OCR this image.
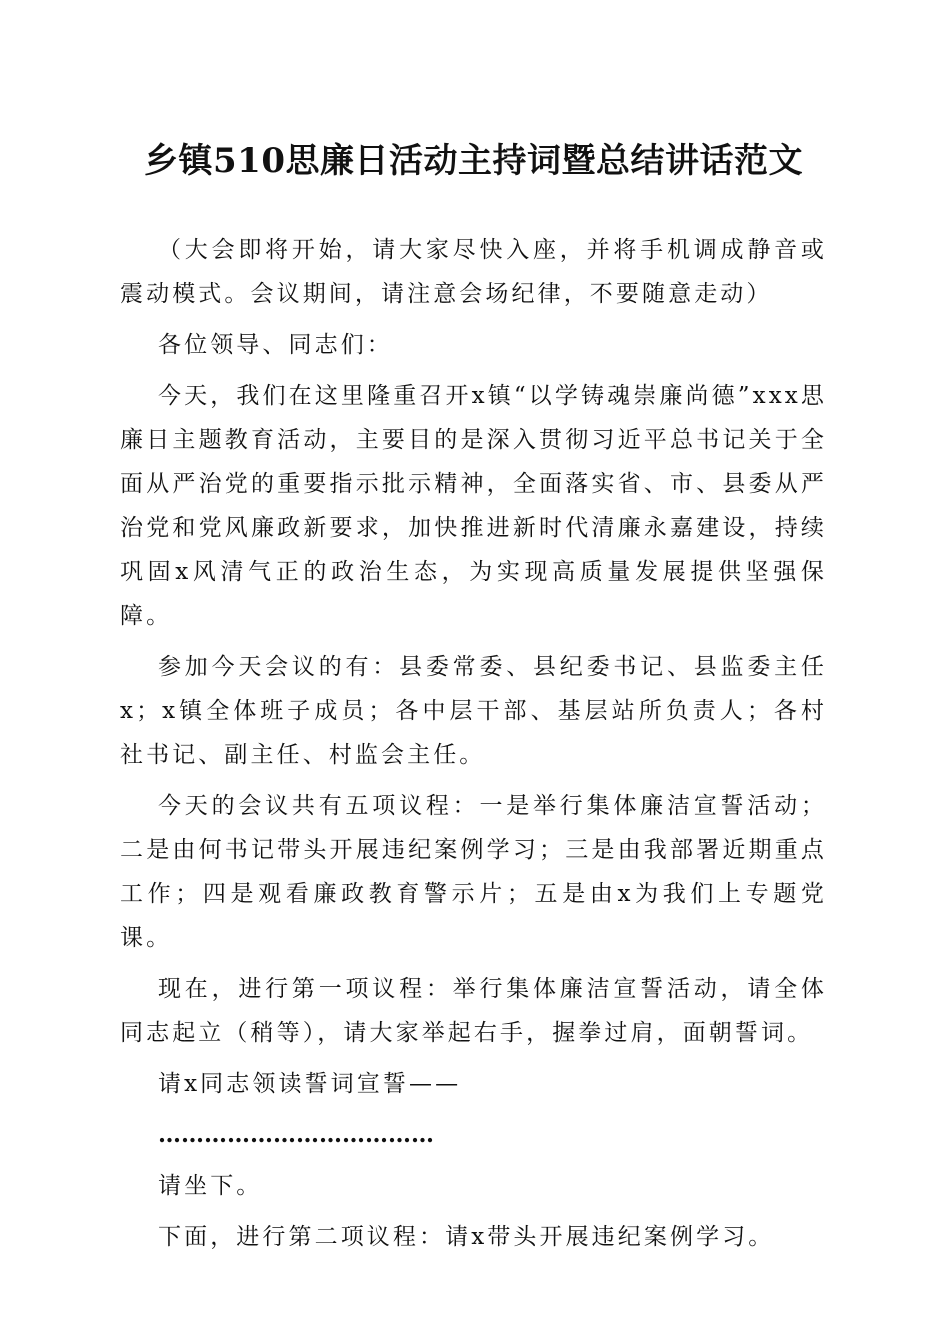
乡镇510思廉日活动主持词暨总结讲话范文

（大会即将开始，请大家尽快入座，并将手机调成静音或震动模式。会议期间，请注意会场纪律，不要随意走动）

各位领导、同志们：

今天，我们在这里隆重召开x镇“以学铸魂崇廉尚德”xxx思廉日主题教育活动，主要目的是深入贯彻习近平总书记关于全面从严治党的重要指示批示精神，全面落实省、市、县委从严治党和党风廉政新要求，加快推进新时代清廉永嘉建设，持续巩固x风清气正的政治生态，为实现高质量发展提供坚强保障。

参加今天会议的有：县委常委、县纪委书记、县监委主任x；x镇全体班子成员；各中层干部、基层站所负责人；各村社书记、副主任、村监会主任。

今天的会议共有五项议程：一是举行集体廉洁宣誓活动；二是由何书记带头开展违纪案例学习；三是由我部署近期重点工作；四是观看廉政教育警示片；五是由x为我们上专题党课。

现在，进行第一项议程：举行集体廉洁宣誓活动，请全体同志起立（稍等），请大家举起右手，握拳过肩，面朝誓词。

请x同志领读誓词宣誓——

………………………………

请坐下。

下面，进行第二项议程：请x带头开展违纪案例学习。
